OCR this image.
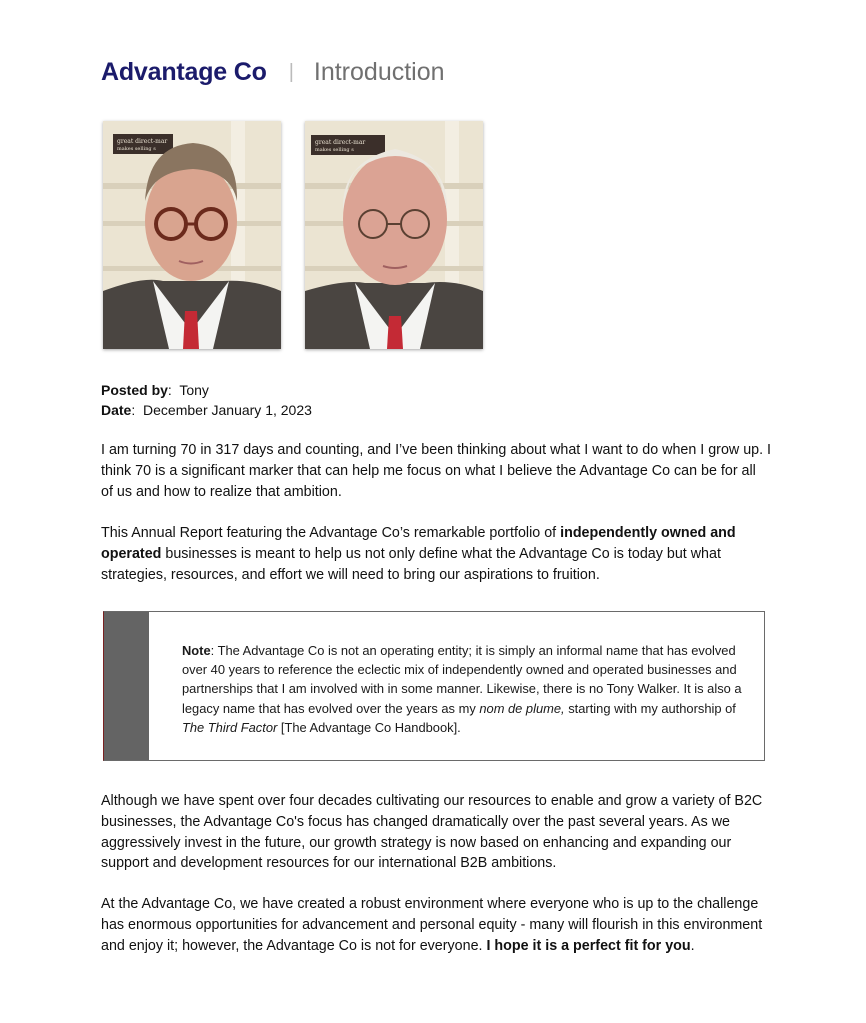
Advantage Co | Introduction
great direct-mar
makes selling s
great direct-mar
makes selling s
Posted by:  Tony
Date:  December January 1, 2023

I am turning 70 in 317 days and counting, and I’ve been thinking about what I want to do when I grow up. I think 70 is a significant marker that can help me focus on what I believe the Advantage Co can be for all of us and how to realize that ambition.

This Annual Report featuring the Advantage Co’s remarkable portfolio of independently owned and operated businesses is meant to help us not only define what the Advantage Co is today but what strategies, resources, and effort we will need to bring our aspirations to fruition.

Note: The Advantage Co is not an operating entity; it is simply an informal name that has evolved over 40 years to reference the eclectic mix of independently owned and operated businesses and partnerships that I am involved with in some manner. Likewise, there is no Tony Walker. It is also a legacy name that has evolved over the years as my nom de plume, starting with my authorship of The Third Factor [The Advantage Co Handbook].

Although we have spent over four decades cultivating our resources to enable and grow a variety of B2C businesses, the Advantage Co's focus has changed dramatically over the past several years. As we aggressively invest in the future, our growth strategy is now based on enhancing and expanding our support and development resources for our international B2B ambitions.

At the Advantage Co, we have created a robust environment where everyone who is up to the challenge has enormous opportunities for advancement and personal equity - many will flourish in this environment and enjoy it; however, the Advantage Co is not for everyone. I hope it is a perfect fit for you.
